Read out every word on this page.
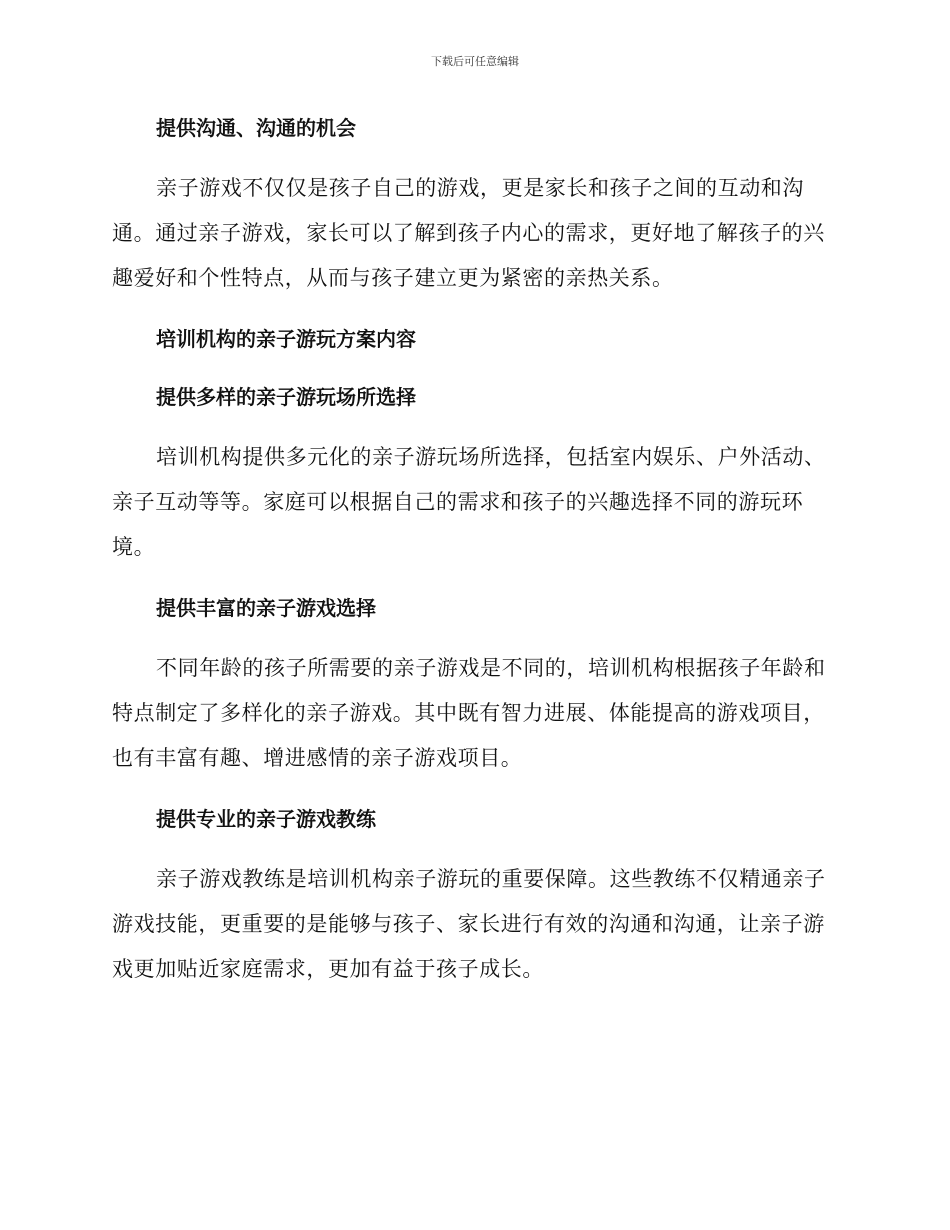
下载后可任意编辑
提供沟通、沟通的机会

亲子游戏不仅仅是孩子自己的游戏，更是家长和孩子之间的互动和沟通。通过亲子游戏，家长可以了解到孩子内心的需求，更好地了解孩子的兴趣爱好和个性特点，从而与孩子建立更为紧密的亲热关系。

培训机构的亲子游玩方案内容
提供多样的亲子游玩场所选择

培训机构提供多元化的亲子游玩场所选择，包括室内娱乐、户外活动、亲子互动等等。家庭可以根据自己的需求和孩子的兴趣选择不同的游玩环境。

提供丰富的亲子游戏选择

不同年龄的孩子所需要的亲子游戏是不同的，培训机构根据孩子年龄和特点制定了多样化的亲子游戏。其中既有智力进展、体能提高的游戏项目，也有丰富有趣、增进感情的亲子游戏项目。

提供专业的亲子游戏教练

亲子游戏教练是培训机构亲子游玩的重要保障。这些教练不仅精通亲子游戏技能，更重要的是能够与孩子、家长进行有效的沟通和沟通，让亲子游戏更加贴近家庭需求，更加有益于孩子成长。
